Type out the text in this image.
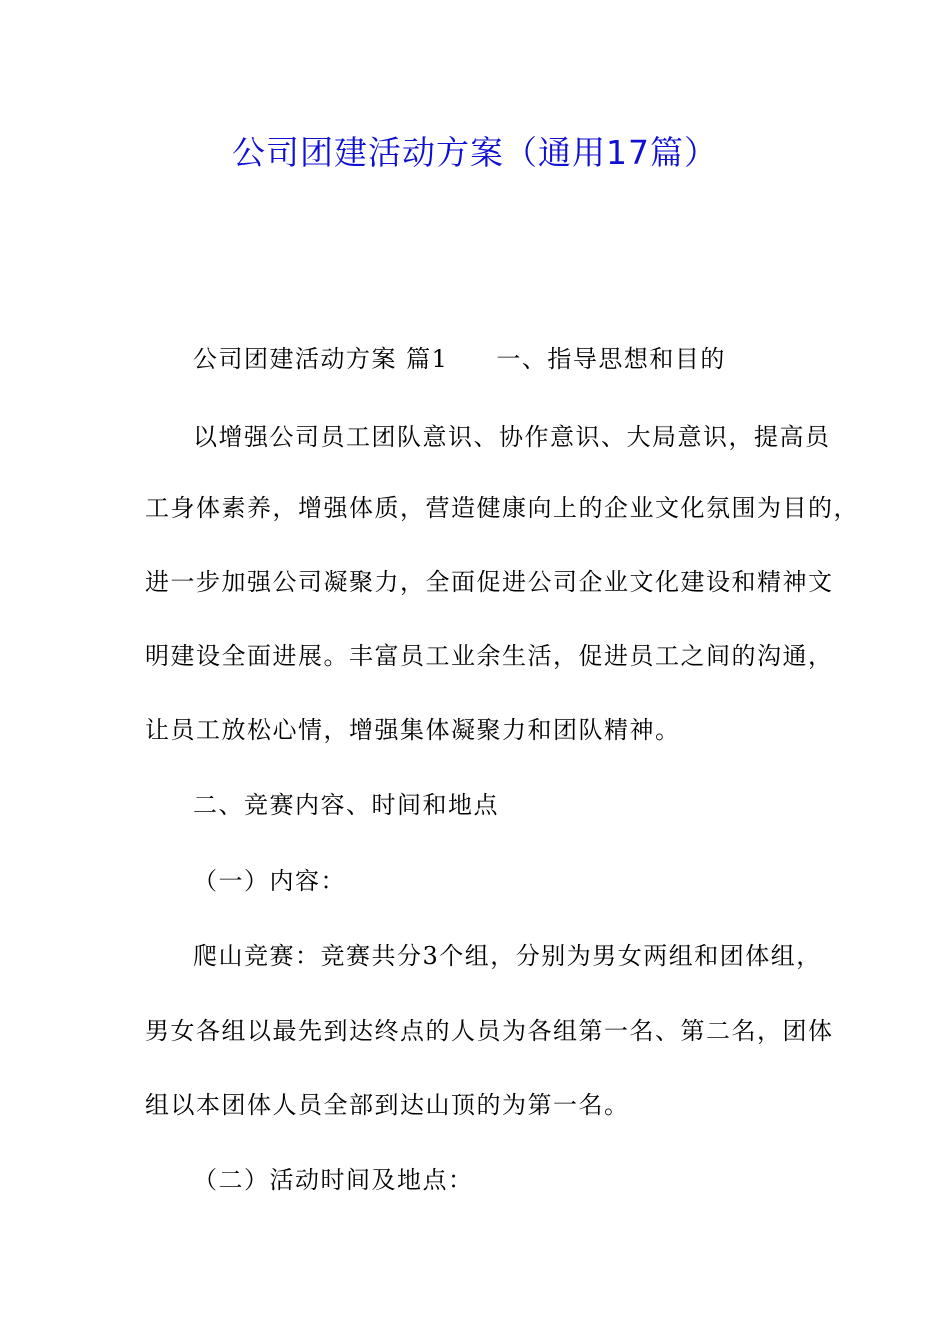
公司团建活动方案（通用17篇）
公司团建活动方案 篇1 一、指导思想和目的
以增强公司员工团队意识、协作意识、大局意识，提高员
工身体素养，增强体质，营造健康向上的企业文化氛围为目的，
进一步加强公司凝聚力，全面促进公司企业文化建设和精神文
明建设全面进展。丰富员工业余生活，促进员工之间的沟通，
让员工放松心情，增强集体凝聚力和团队精神。
二、竞赛内容、时间和地点
（一）内容：
爬山竞赛：竞赛共分3个组，分别为男女两组和团体组，
男女各组以最先到达终点的人员为各组第一名、第二名，团体
组以本团体人员全部到达山顶的为第一名。
（二）活动时间及地点：
